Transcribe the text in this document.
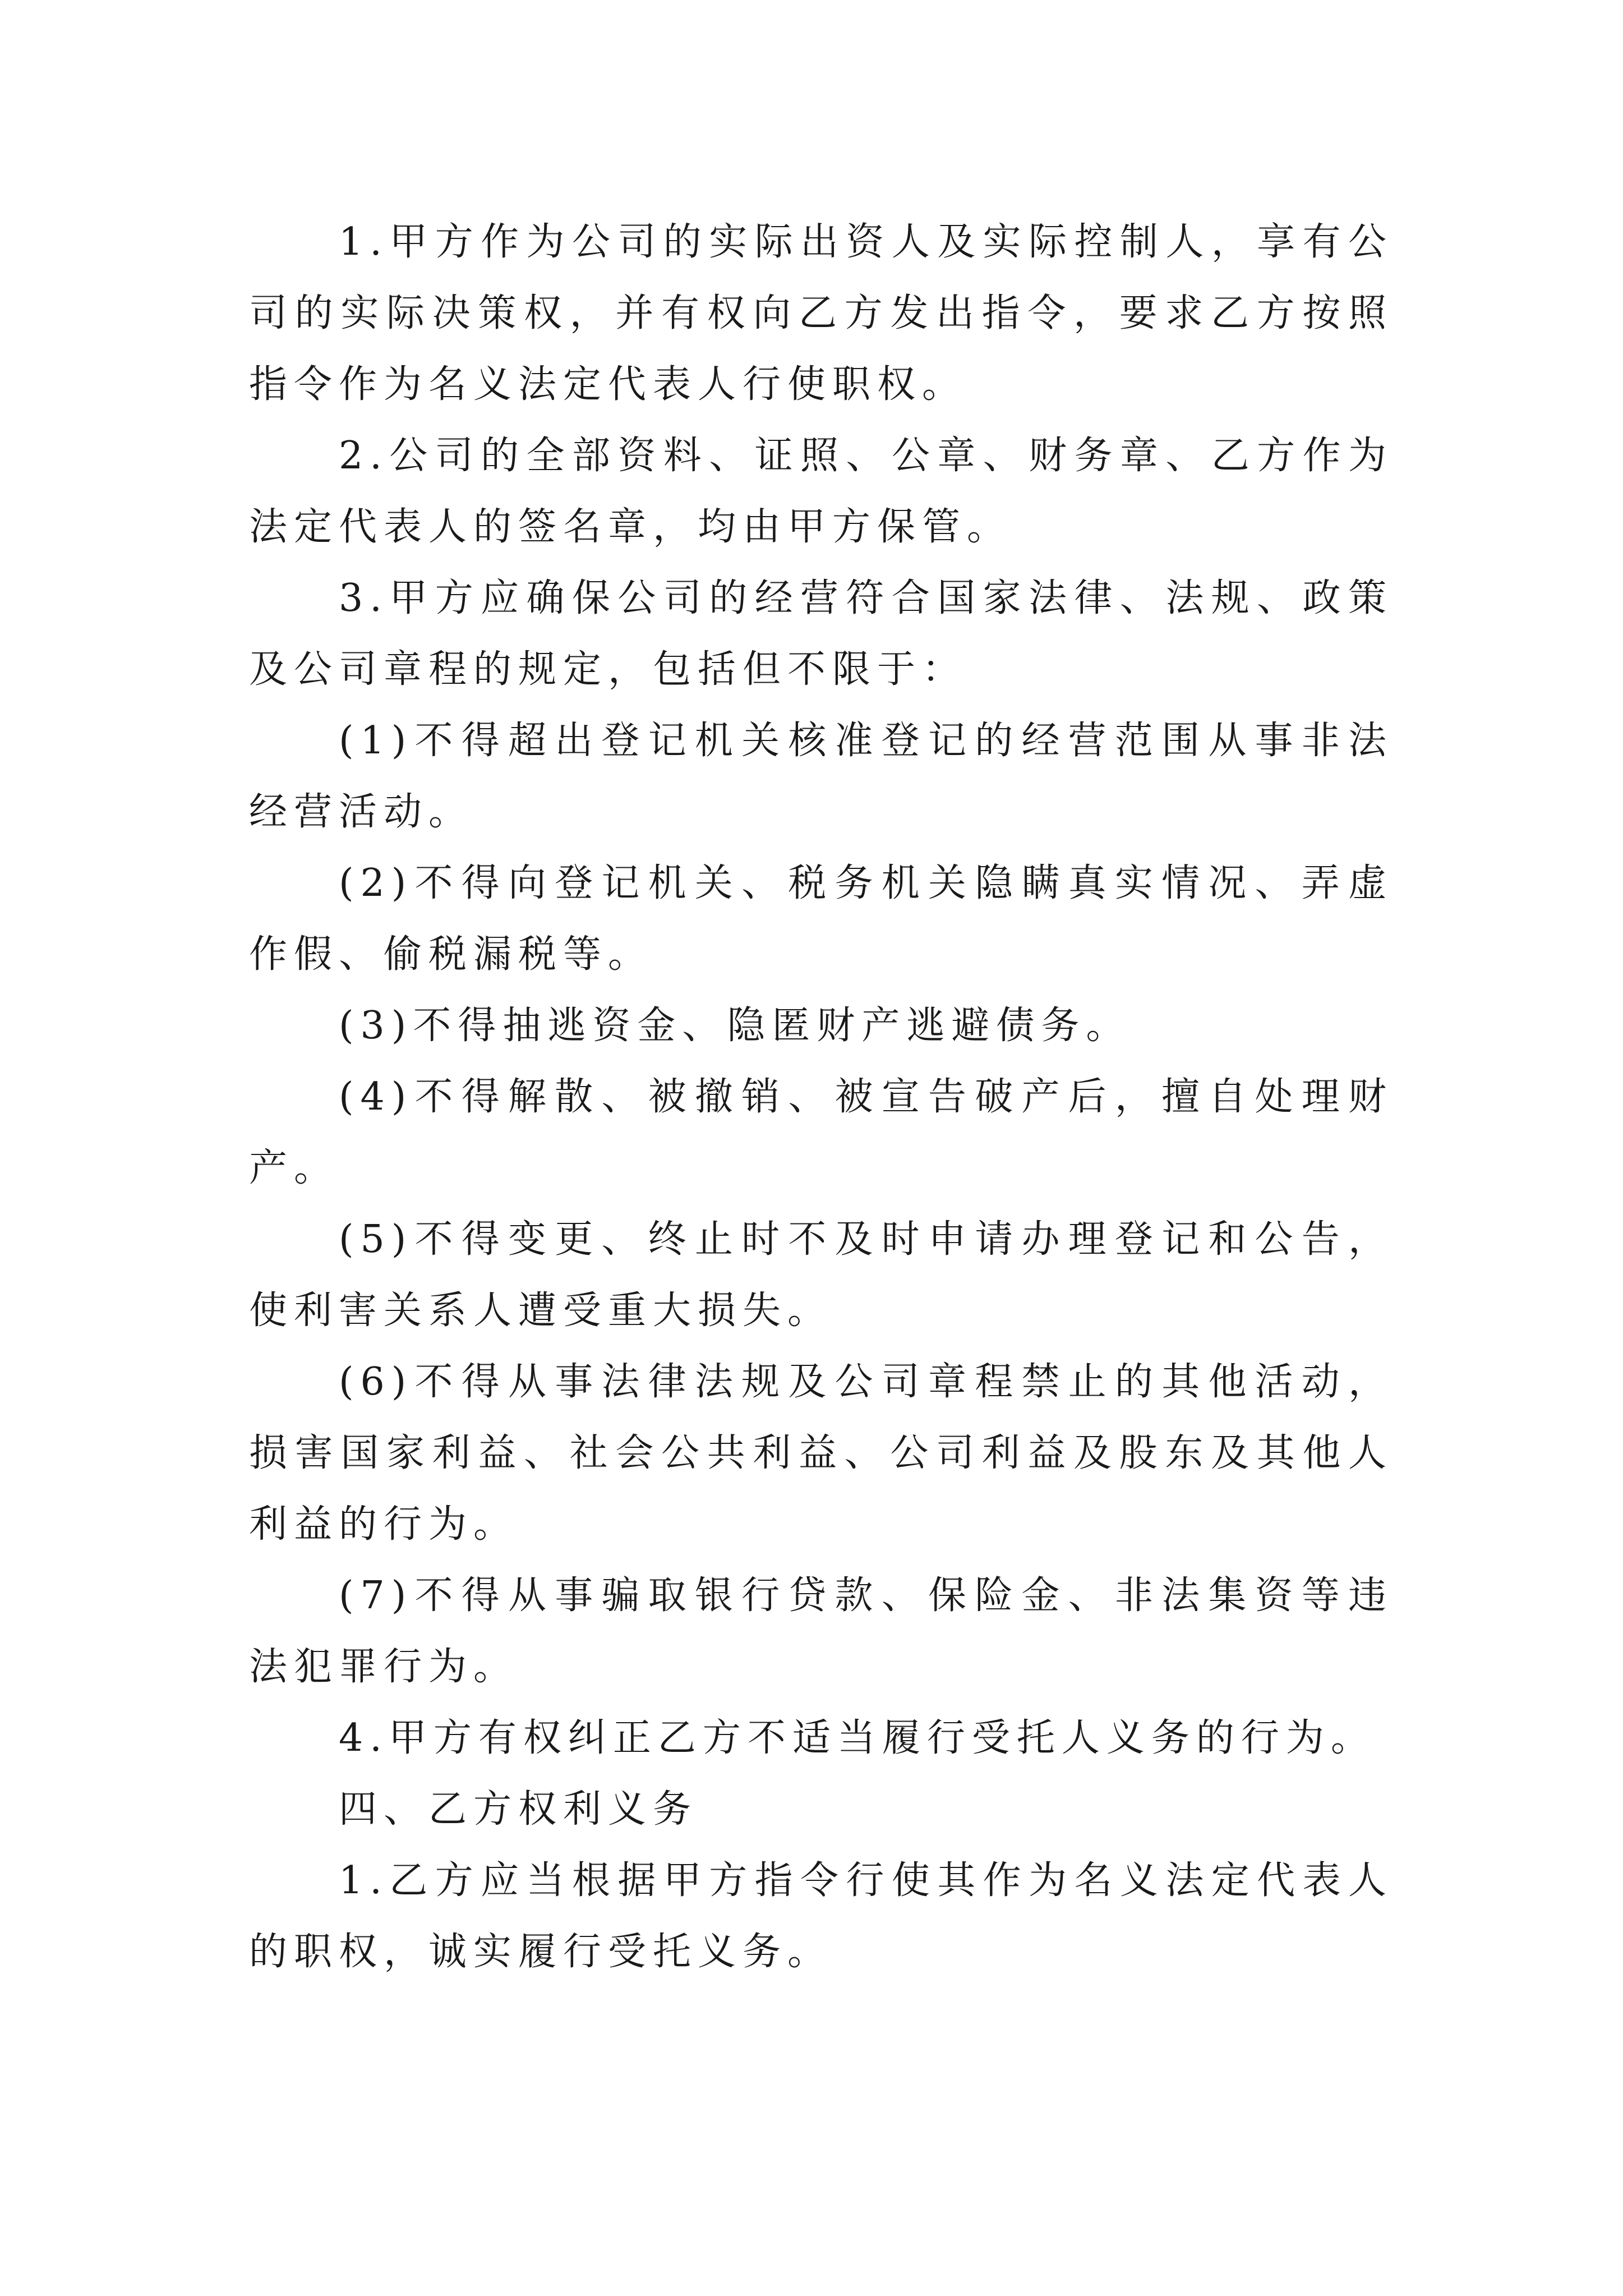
1.甲方作为公司的实际出资人及实际控制人，享有公司的实际决策权，并有权向乙方发出指令，要求乙方按照指令作为名义法定代表人行使职权。

2.公司的全部资料、证照、公章、财务章、乙方作为法定代表人的签名章，均由甲方保管。

3.甲方应确保公司的经营符合国家法律、法规、政策及公司章程的规定，包括但不限于：

(1)不得超出登记机关核准登记的经营范围从事非法经营活动。

(2)不得向登记机关、税务机关隐瞒真实情况、弄虚作假、偷税漏税等。

(3)不得抽逃资金、隐匿财产逃避债务。

(4)不得解散、被撤销、被宣告破产后，擅自处理财产。

(5)不得变更、终止时不及时申请办理登记和公告，使利害关系人遭受重大损失。

(6)不得从事法律法规及公司章程禁止的其他活动，损害国家利益、社会公共利益、公司利益及股东及其他人利益的行为。

(7)不得从事骗取银行贷款、保险金、非法集资等违法犯罪行为。

4.甲方有权纠正乙方不适当履行受托人义务的行为。

四、乙方权利义务

1.乙方应当根据甲方指令行使其作为名义法定代表人的职权，诚实履行受托义务。
